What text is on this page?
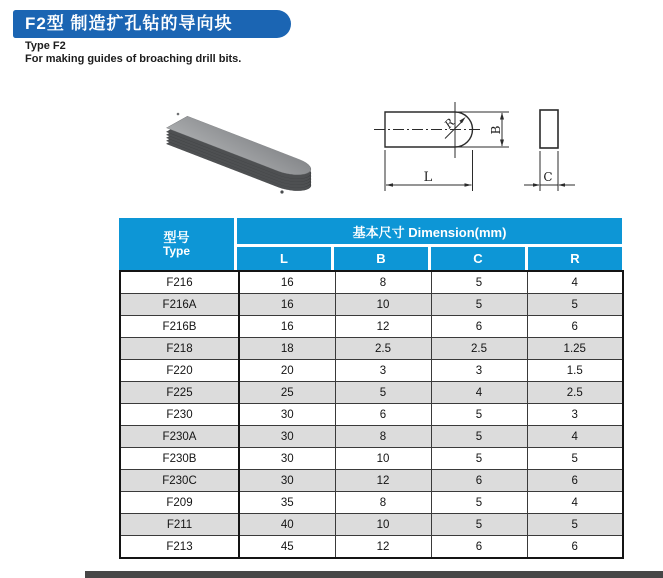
F2型 制造扩孔钻的导向块
Type F2
For making guides of broaching drill bits.
R	B
L	C
型号
Type
基本尺寸 Dimension(mm)
L	B	C	R
F216	16	8	5	4
F216A	16	10	5	5
F216B	16	12	6	6
F218	18	2.5	2.5	1.25
F220	20	3	3	1.5
F225	25	5	4	2.5
F230	30	6	5	3
F230A	30	8	5	4
F230B	30	10	5	5
F230C	30	12	6	6
F209	35	8	5	4
F211	40	10	5	5
F213	45	12	6	6
